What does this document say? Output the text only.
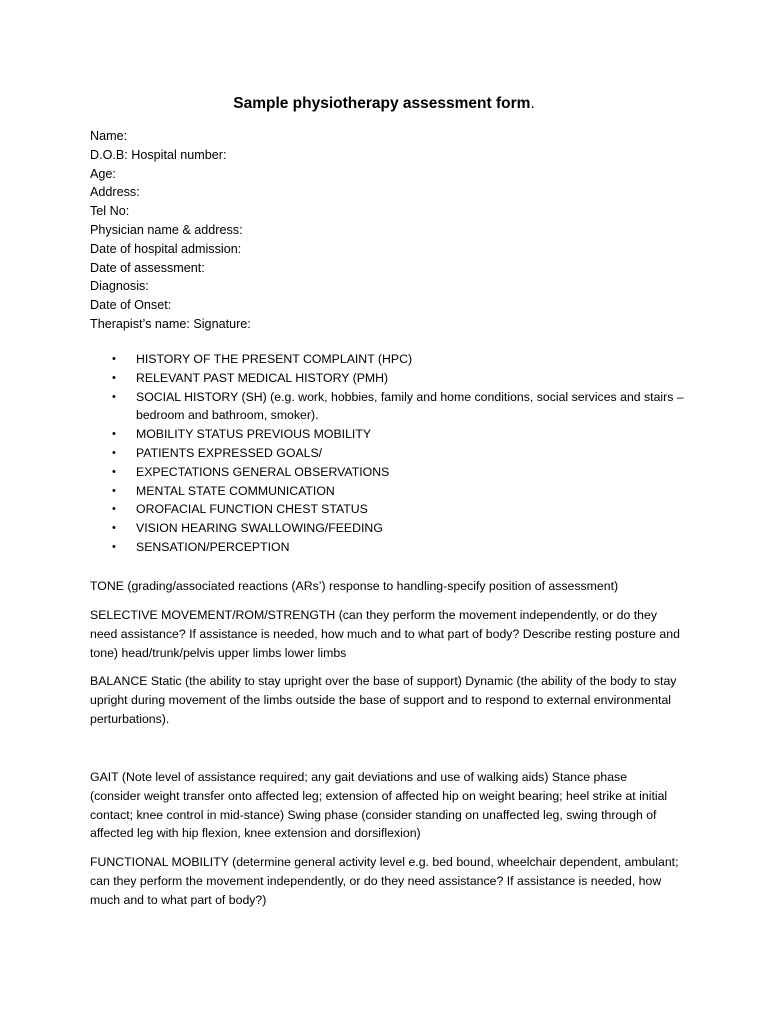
Sample physiotherapy assessment form.
Name:
D.O.B: Hospital number:
Age:
Address:
Tel No:
Physician name & address:
Date of hospital admission:
Date of assessment:
Diagnosis:
Date of Onset:
Therapist’s name: Signature:
• HISTORY OF THE PRESENT COMPLAINT (HPC)
• RELEVANT PAST MEDICAL HISTORY (PMH)
• SOCIAL HISTORY (SH) (e.g. work, hobbies, family and home conditions, social services and stairs – bedroom and bathroom, smoker).
• MOBILITY STATUS PREVIOUS MOBILITY
• PATIENTS EXPRESSED GOALS/
• EXPECTATIONS GENERAL OBSERVATIONS
• MENTAL STATE COMMUNICATION
• OROFACIAL FUNCTION CHEST STATUS
• VISION HEARING SWALLOWING/FEEDING
• SENSATION/PERCEPTION

TONE (grading/associated reactions (ARs’) response to handling-specify position of assessment)

SELECTIVE MOVEMENT/ROM/STRENGTH (can they perform the movement independently, or do they need assistance? If assistance is needed, how much and to what part of body? Describe resting posture and tone) head/trunk/pelvis upper limbs lower limbs

BALANCE Static (the ability to stay upright over the base of support) Dynamic (the ability of the body to stay upright during movement of the limbs outside the base of support and to respond to external environmental perturbations).

GAIT (Note level of assistance required; any gait deviations and use of walking aids) Stance phase (consider weight transfer onto affected leg; extension of affected hip on weight bearing; heel strike at initial contact; knee control in mid-stance) Swing phase (consider standing on unaffected leg, swing through of affected leg with hip flexion, knee extension and dorsiflexion)

FUNCTIONAL MOBILITY (determine general activity level e.g. bed bound, wheelchair dependent, ambulant; can they perform the movement independently, or do they need assistance? If assistance is needed, how much and to what part of body?)
